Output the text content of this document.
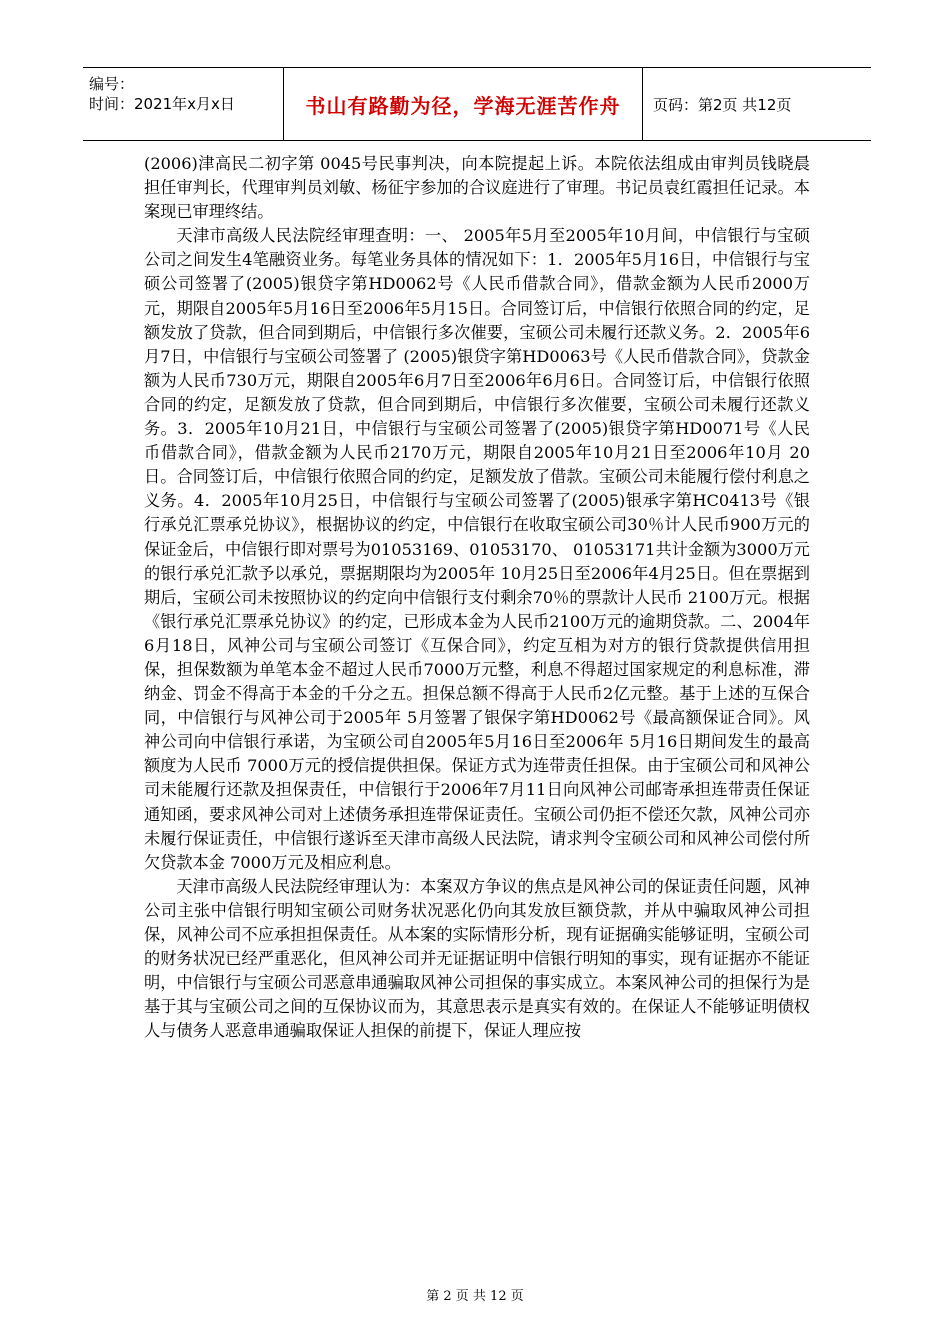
编号：
时间：2021年x月x日	书山有路勤为径，学海无涯苦作舟	页码：第2页 共12页

(2006)津高民二初字第 0045号民事判决，向本院提起上诉。本院依法组成由审判员钱晓晨担任审判长，代理审判员刘敏、杨征宇参加的合议庭进行了审理。书记员袁红霞担任记录。本案现已审理终结。

天津市高级人民法院经审理查明：一、 2005年5月至2005年10月间，中信银行与宝硕公司之间发生4笔融资业务。每笔业务具体的情况如下：1．2005年5月16日，中信银行与宝硕公司签署了(2005)银贷字第HD0062号《人民币借款合同》，借款金额为人民币2000万元，期限自2005年5月16日至2006年5月15日。合同签订后，中信银行依照合同的约定，足额发放了贷款，但合同到期后，中信银行多次催要，宝硕公司未履行还款义务。2．2005年6月7日，中信银行与宝硕公司签署了 (2005)银贷字第HD0063号《人民币借款合同》，贷款金额为人民币730万元，期限自2005年6月7日至2006年6月6日。合同签订后，中信银行依照合同的约定，足额发放了贷款，但合同到期后，中信银行多次催要，宝硕公司未履行还款义务。3．2005年10月21日，中信银行与宝硕公司签署了(2005)银贷字第HD0071号《人民币借款合同》，借款金额为人民币2170万元，期限自2005年10月21日至2006年10月 20日。合同签订后，中信银行依照合同的约定，足额发放了借款。宝硕公司未能履行偿付利息之义务。4．2005年10月25日，中信银行与宝硕公司签署了(2005)银承字第HC0413号《银行承兑汇票承兑协议》，根据协议的约定，中信银行在收取宝硕公司30％计人民币900万元的保证金后，中信银行即对票号为01053169、01053170、 01053171共计金额为3000万元的银行承兑汇款予以承兑，票据期限均为2005年 10月25日至2006年4月25日。但在票据到期后，宝硕公司未按照协议的约定向中信银行支付剩余70％的票款计人民币 2100万元。根据《银行承兑汇票承兑协议》的约定，已形成本金为人民币2100万元的逾期贷款。二、2004年6月18日，风神公司与宝硕公司签订《互保合同》，约定互相为对方的银行贷款提供信用担保，担保数额为单笔本金不超过人民币7000万元整，利息不得超过国家规定的利息标准，滞纳金、罚金不得高于本金的千分之五。担保总额不得高于人民币2亿元整。基于上述的互保合同，中信银行与风神公司于2005年 5月签署了银保字第HD0062号《最高额保证合同》。风神公司向中信银行承诺，为宝硕公司自2005年5月16日至2006年 5月16日期间发生的最高额度为人民币 7000万元的授信提供担保。保证方式为连带责任担保。由于宝硕公司和风神公司未能履行还款及担保责任，中信银行于2006年7月11日向风神公司邮寄承担连带责任保证通知函，要求风神公司对上述债务承担连带保证责任。宝硕公司仍拒不偿还欠款，风神公司亦未履行保证责任，中信银行遂诉至天津市高级人民法院，请求判令宝硕公司和风神公司偿付所欠贷款本金 7000万元及相应利息。

天津市高级人民法院经审理认为：本案双方争议的焦点是风神公司的保证责任问题，风神公司主张中信银行明知宝硕公司财务状况恶化仍向其发放巨额贷款，并从中骗取风神公司担保，风神公司不应承担担保责任。从本案的实际情形分析，现有证据确实能够证明，宝硕公司的财务状况已经严重恶化，但风神公司并无证据证明中信银行明知的事实，现有证据亦不能证明，中信银行与宝硕公司恶意串通骗取风神公司担保的事实成立。本案风神公司的担保行为是基于其与宝硕公司之间的互保协议而为，其意思表示是真实有效的。在保证人不能够证明债权人与债务人恶意串通骗取保证人担保的前提下，保证人理应按

第 2 页 共 12 页
